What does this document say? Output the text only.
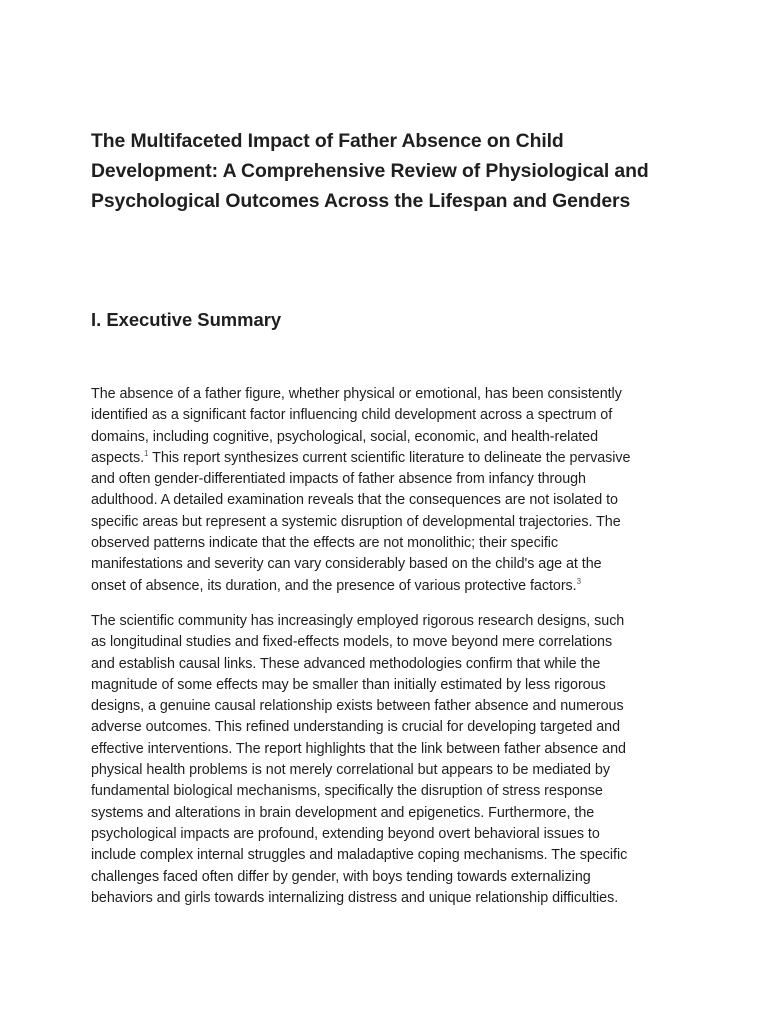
The Multifaceted Impact of Father Absence on Child
Development: A Comprehensive Review of Physiological and
Psychological Outcomes Across the Lifespan and Genders
I. Executive Summary

The absence of a father figure, whether physical or emotional, has been consistently
identified as a significant factor influencing child development across a spectrum of
domains, including cognitive, psychological, social, economic, and health-related
aspects.$^1$ This report synthesizes current scientific literature to delineate the pervasive
and often gender-differentiated impacts of father absence from infancy through
adulthood. A detailed examination reveals that the consequences are not isolated to
specific areas but represent a systemic disruption of developmental trajectories. The
observed patterns indicate that the effects are not monolithic; their specific
manifestations and severity can vary considerably based on the child's age at the
onset of absence, its duration, and the presence of various protective factors.$^3$

The scientific community has increasingly employed rigorous research designs, such
as longitudinal studies and fixed-effects models, to move beyond mere correlations
and establish causal links. These advanced methodologies confirm that while the
magnitude of some effects may be smaller than initially estimated by less rigorous
designs, a genuine causal relationship exists between father absence and numerous
adverse outcomes. This refined understanding is crucial for developing targeted and
effective interventions. The report highlights that the link between father absence and
physical health problems is not merely correlational but appears to be mediated by
fundamental biological mechanisms, specifically the disruption of stress response
systems and alterations in brain development and epigenetics. Furthermore, the
psychological impacts are profound, extending beyond overt behavioral issues to
include complex internal struggles and maladaptive coping mechanisms. The specific
challenges faced often differ by gender, with boys tending towards externalizing
behaviors and girls towards internalizing distress and unique relationship difficulties.
